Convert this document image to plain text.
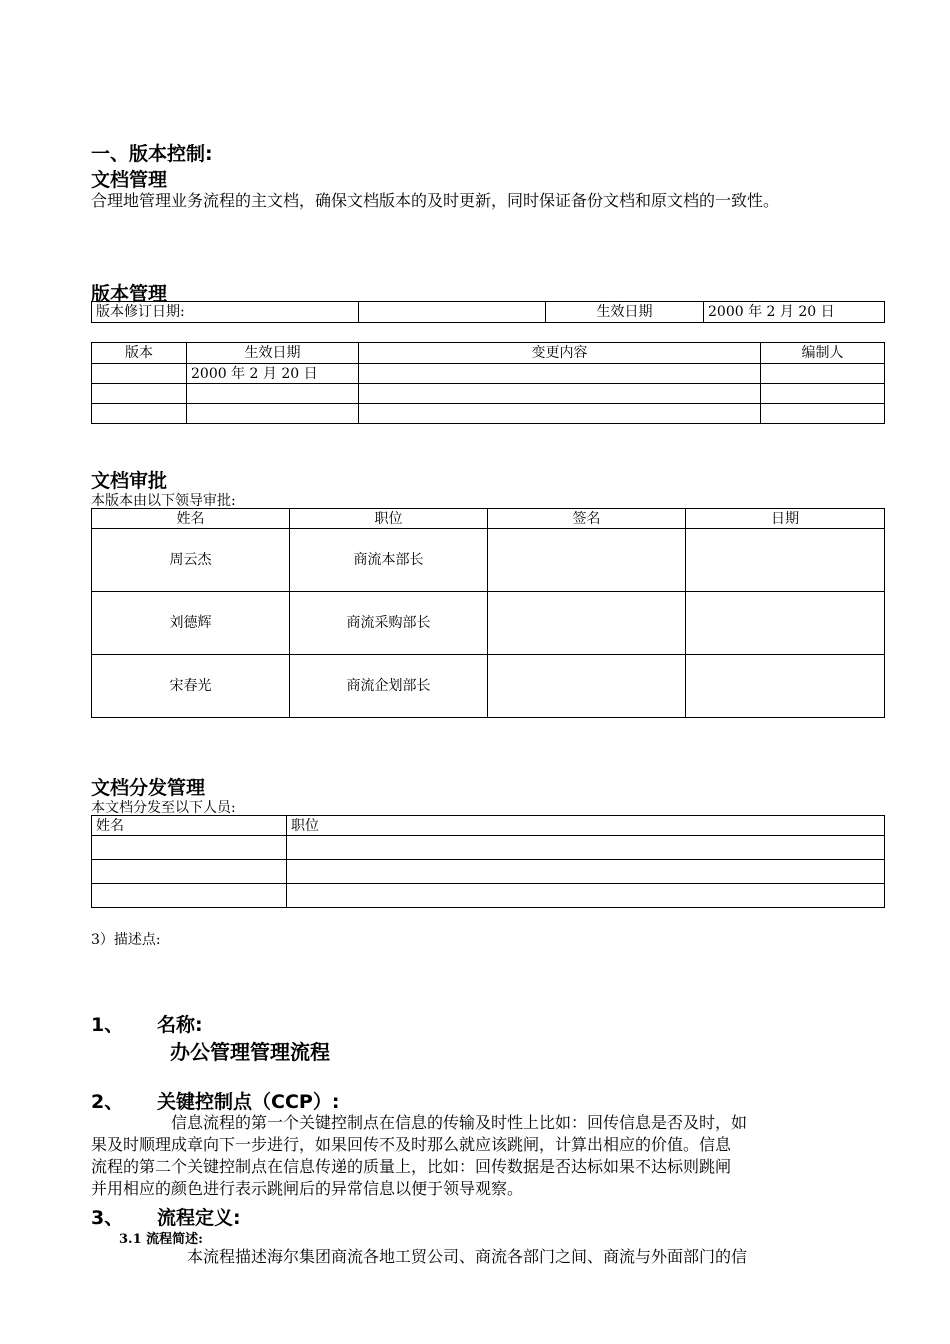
一、版本控制:
文档管理
合理地管理业务流程的主文档，确保文档版本的及时更新，同时保证备份文档和原文档的一致性。
版本管理
版本修订日期:		生效日期	2000 年 2 月 20 日
版本	生效日期	变更内容	编制人
	2000 年 2 月 20 日		

文档审批
本版本由以下领导审批:
姓名	职位	签名	日期
周云杰	商流本部长		
刘德辉	商流采购部长		
宋春光	商流企划部长		
文档分发管理
本文档分发至以下人员:
姓名	职位

3）描述点:
1、 名称:
办公管理管理流程
2、 关键控制点（CCP）:
信息流程的第一个关键控制点在信息的传输及时性上比如：回传信息是否及时，如
果及时顺理成章向下一步进行，如果回传不及时那么就应该跳闸，计算出相应的价值。信息
流程的第二个关键控制点在信息传递的质量上，比如：回传数据是否达标如果不达标则跳闸
并用相应的颜色进行表示跳闸后的异常信息以便于领导观察。
3、 流程定义:
3.1 流程简述:
本流程描述海尔集团商流各地工贸公司、商流各部门之间、商流与外面部门的信
